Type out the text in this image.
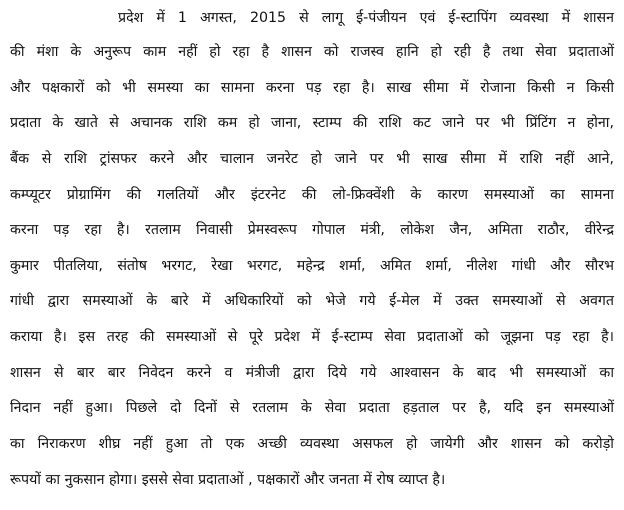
प्रदेश में 1 अगस्त, 2015 से लागू ई-पंजीयन एवं ई-स्टापिंग व्यवस्था में शासन
की मंशा के अनुरूप काम नहीं हो रहा है शासन को राजस्व हानि हो रही है तथा सेवा प्रदाताओं
और पक्षकारों को भी समस्या का सामना करना पड़ रहा है। साख सीमा में रोजाना किसी न किसी
प्रदाता के खाते से अचानक राशि कम हो जाना, स्टाम्प की राशि कट जाने पर भी प्रिंटिंग न होना,
बैंक से राशि ट्रांसफर करने और चालान जनरेट हो जाने पर भी साख सीमा में राशि नहीं आने,
कम्प्यूटर प्रोग्रामिंग की गलतियों और इंटरनेट की लो-फ्रिक्वेंशी के कारण समस्याओं का सामना
करना पड़ रहा है। रतलाम निवासी प्रेमस्वरूप गोपाल मंत्री, लोकेश जैन, अमिता राठौर, वीरेन्द्र
कुमार पीतलिया, संतोष भरगट, रेखा भरगट, महेन्द्र शर्मा, अमित शर्मा, नीलेश गांधी और सौरभ
गांधी द्वारा समस्याओं के बारे में अधिकारियों को भेजे गये ई-मेल में उक्त समस्याओं से अवगत
कराया है। इस तरह की समस्याओं से पूरे प्रदेश में ई-स्टाम्प सेवा प्रदाताओं को जूझना पड़ रहा है।
शासन से बार बार निवेदन करने व मंत्रीजी द्वारा दिये गये आश्वासन के बाद भी समस्याओं का
निदान नहीं हुआ। पिछले दो दिनों से रतलाम के सेवा प्रदाता हड़ताल पर है, यदि इन समस्याओं
का निराकरण शीघ्र नहीं हुआ तो एक अच्छी व्यवस्था असफल हो जायेगी और शासन को करोड़ो
रूपयों का नुकसान होगा। इससे सेवा प्रदाताओं , पक्षकारों और जनता में रोष व्याप्त है।
